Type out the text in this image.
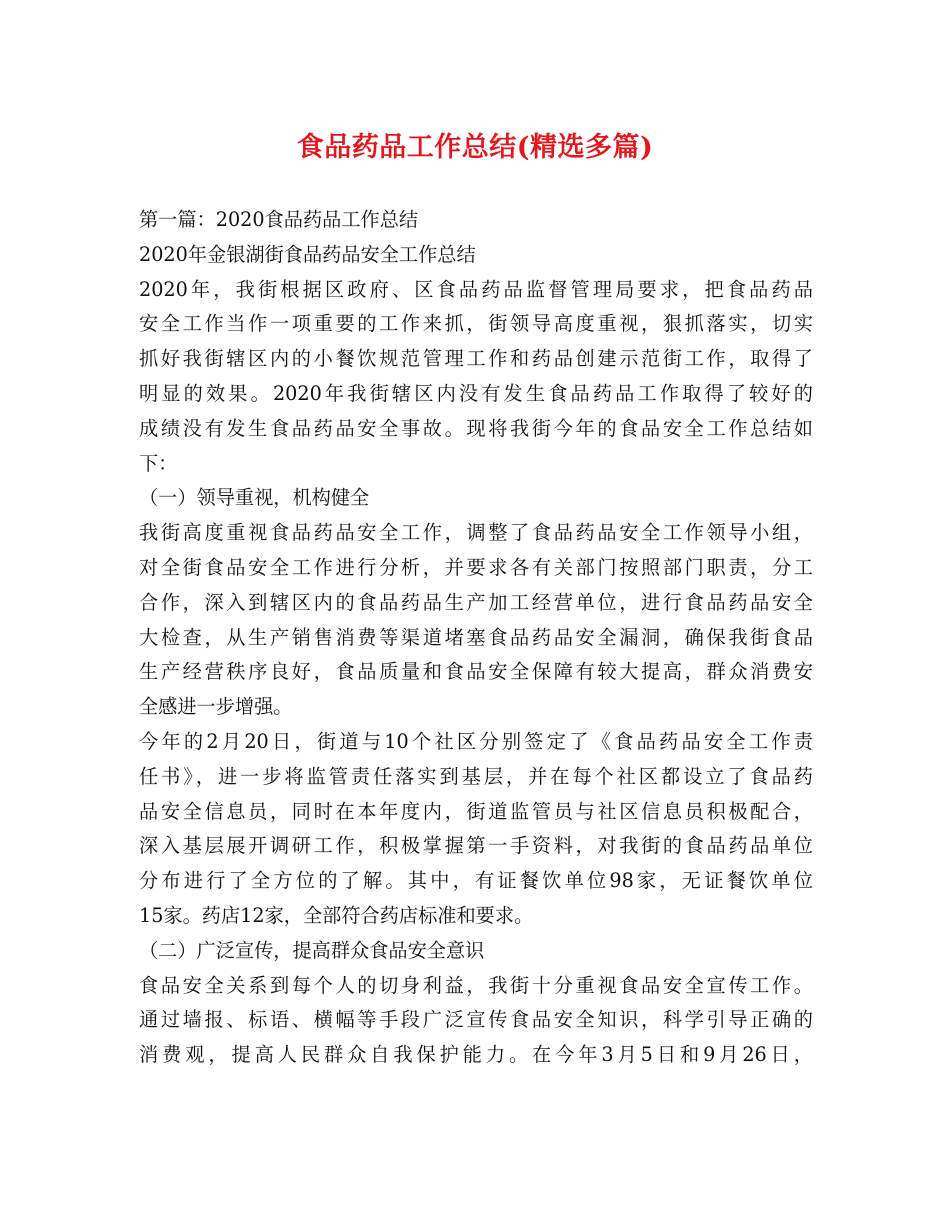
食品药品工作总结(精选多篇)
第一篇：2020食品药品工作总结
2020年金银湖街食品药品安全工作总结
2020年，我街根据区政府、区食品药品监督管理局要求，把食品药品
安全工作当作一项重要的工作来抓，街领导高度重视，狠抓落实，切实
抓好我街辖区内的小餐饮规范管理工作和药品创建示范街工作，取得了
明显的效果。2020年我街辖区内没有发生食品药品工作取得了较好的
成绩没有发生食品药品安全事故。现将我街今年的食品安全工作总结如
下：
（一）领导重视，机构健全
我街高度重视食品药品安全工作，调整了食品药品安全工作领导小组，
对全街食品安全工作进行分析，并要求各有关部门按照部门职责，分工
合作，深入到辖区内的食品药品生产加工经营单位，进行食品药品安全
大检查，从生产销售消费等渠道堵塞食品药品安全漏洞，确保我街食品
生产经营秩序良好，食品质量和食品安全保障有较大提高，群众消费安
全感进一步增强。
今年的2月20日，街道与10个社区分别签定了《食品药品安全工作责
任书》，进一步将监管责任落实到基层，并在每个社区都设立了食品药
品安全信息员，同时在本年度内，街道监管员与社区信息员积极配合，
深入基层展开调研工作，积极掌握第一手资料，对我街的食品药品单位
分布进行了全方位的了解。其中，有证餐饮单位98家，无证餐饮单位
15家。药店12家，全部符合药店标准和要求。
（二）广泛宣传，提高群众食品安全意识
食品安全关系到每个人的切身利益，我街十分重视食品安全宣传工作。
通过墙报、标语、横幅等手段广泛宣传食品安全知识，科学引导正确的
消费观，提高人民群众自我保护能力。在今年3月5日和9月26日，
